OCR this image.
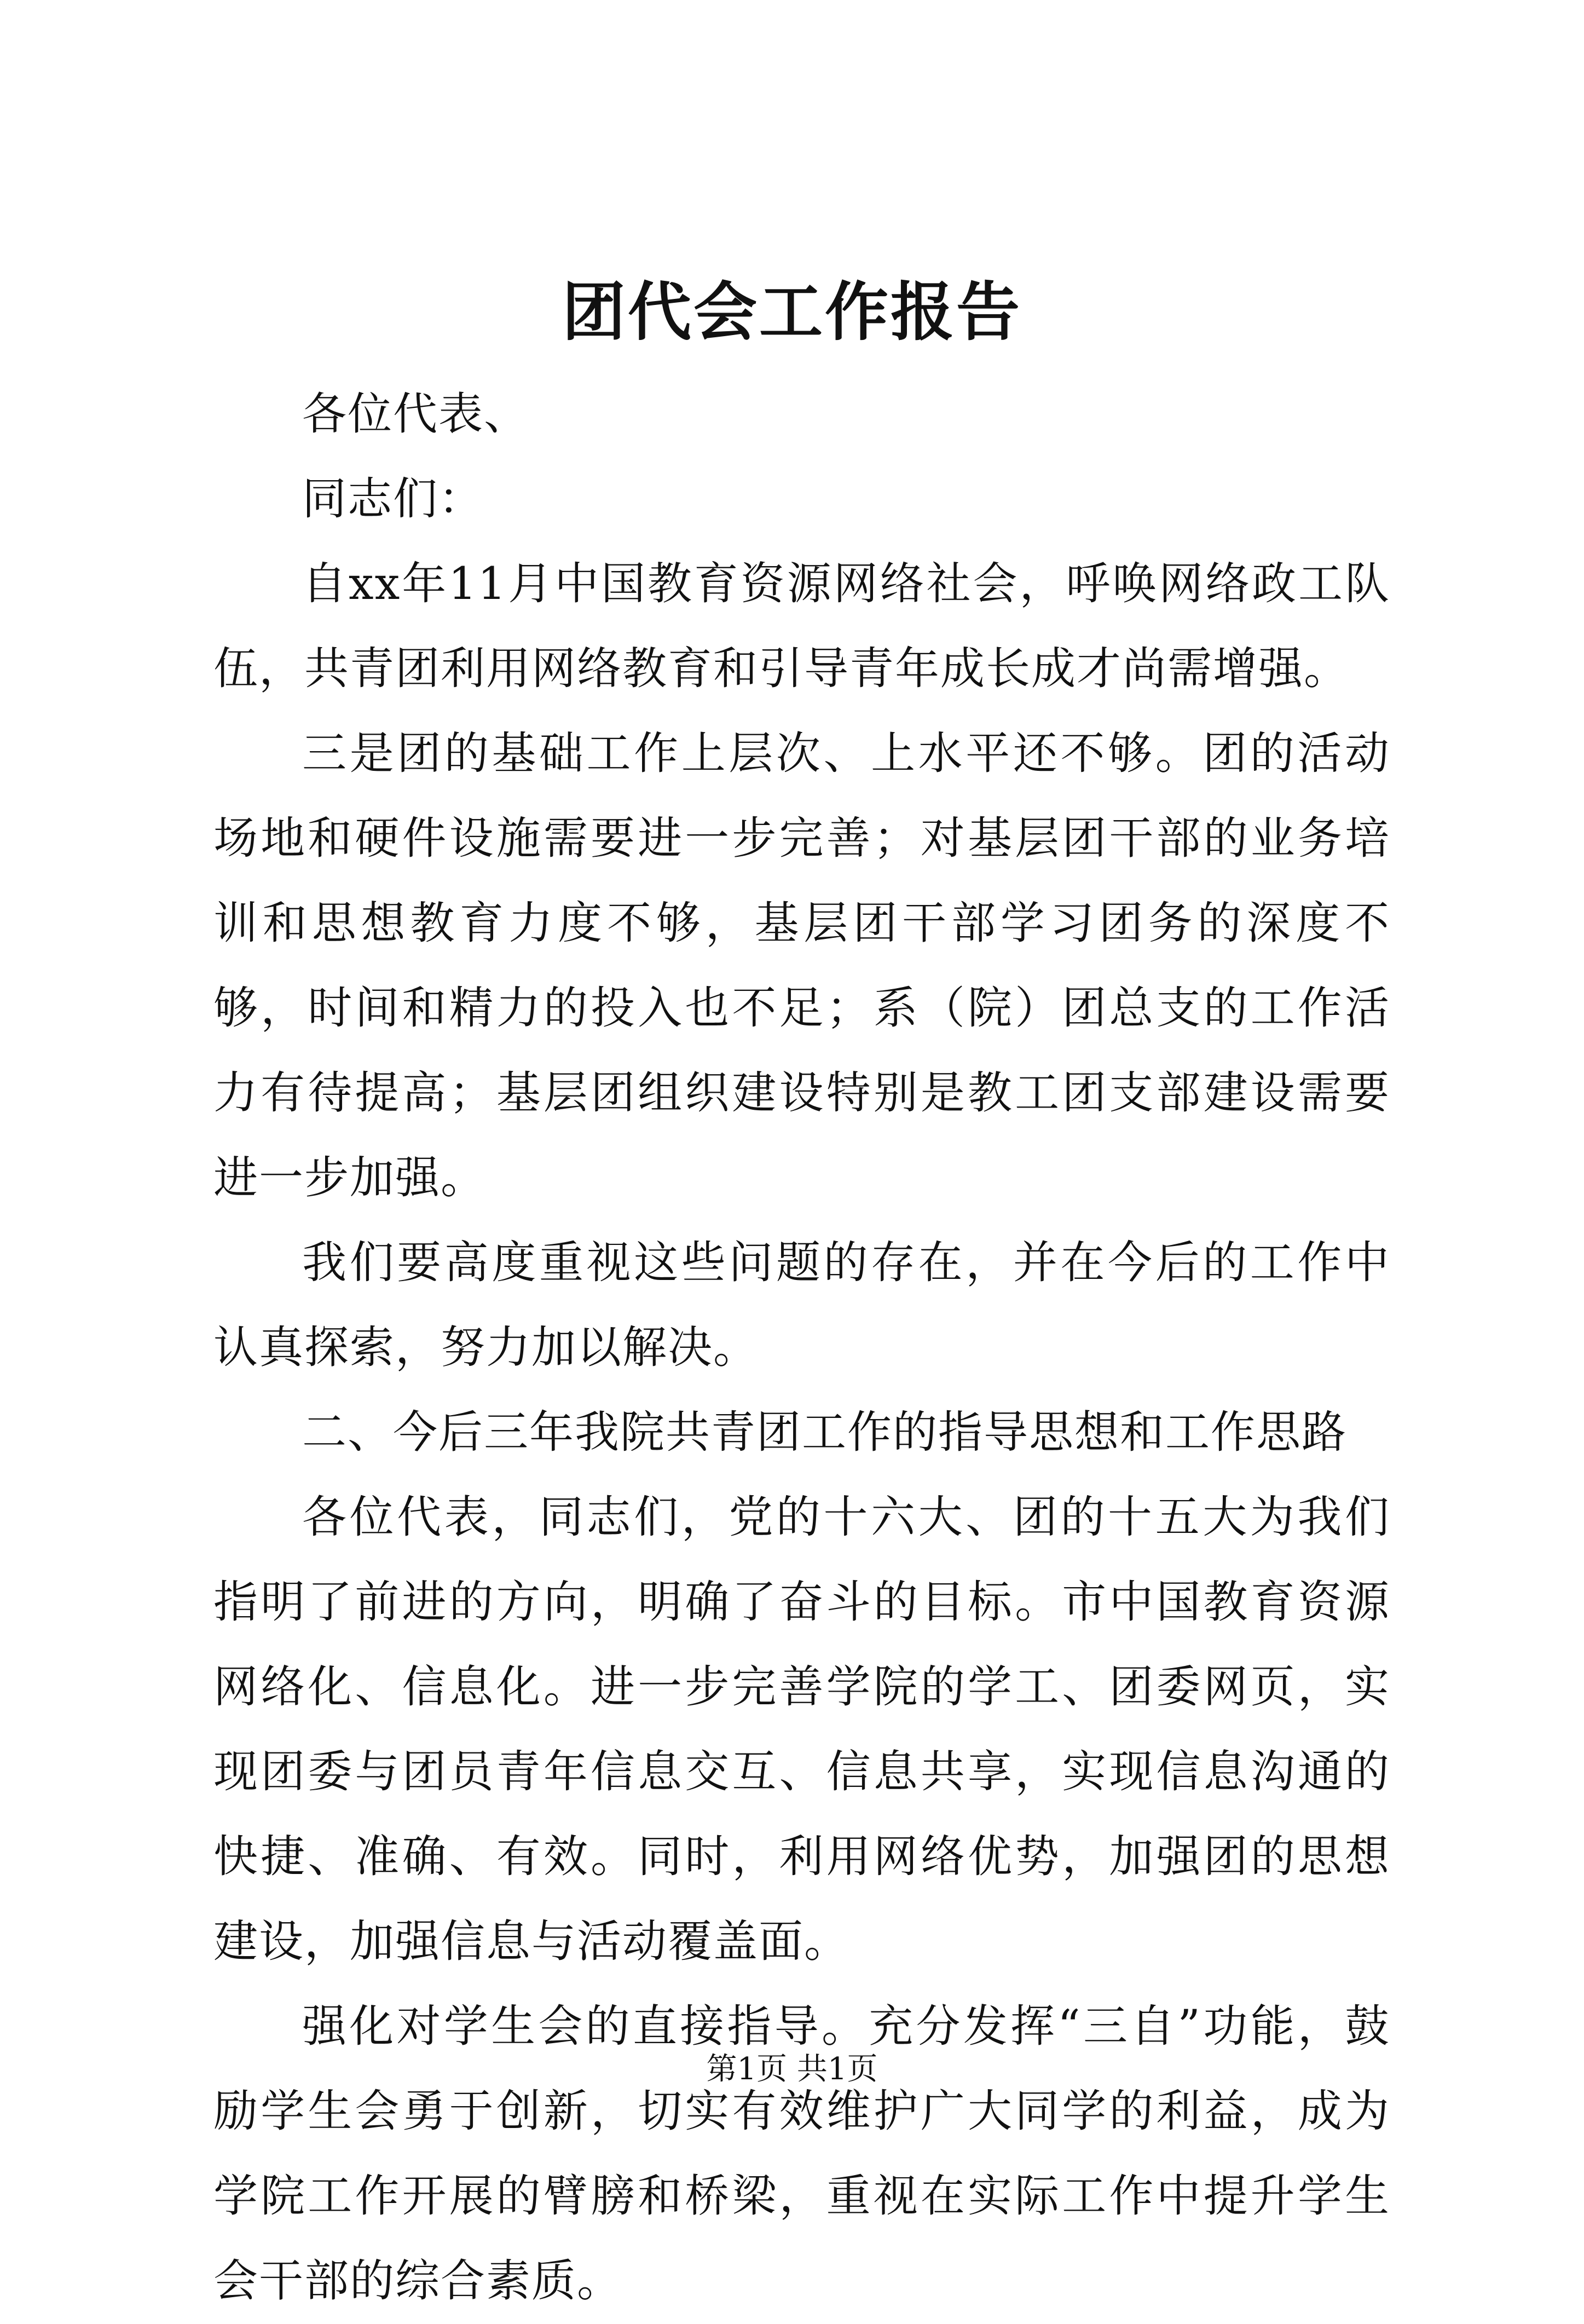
团代会工作报告

各位代表、

同志们：

自xx年11月中国教育资源网络社会，呼唤网络政工队伍，共青团利用网络教育和引导青年成长成才尚需增强。

三是团的基础工作上层次、上水平还不够。团的活动场地和硬件设施需要进一步完善；对基层团干部的业务培训和思想教育力度不够，基层团干部学习团务的深度不够，时间和精力的投入也不足；系（院）团总支的工作活力有待提高；基层团组织建设特别是教工团支部建设需要进一步加强。

我们要高度重视这些问题的存在，并在今后的工作中认真探索，努力加以解决。

二、今后三年我院共青团工作的指导思想和工作思路

各位代表，同志们，党的十六大、团的十五大为我们指明了前进的方向，明确了奋斗的目标。市中国教育资源网络化、信息化。进一步完善学院的学工、团委网页，实现团委与团员青年信息交互、信息共享，实现信息沟通的快捷、准确、有效。同时，利用网络优势，加强团的思想建设，加强信息与活动覆盖面。

强化对学生会的直接指导。充分发挥“三自”功能，鼓励学生会勇于创新，切实有效维护广大同学的利益，成为学院工作开展的臂膀和桥梁，重视在实际工作中提升学生会干部的综合素质。

第1页 共1页
